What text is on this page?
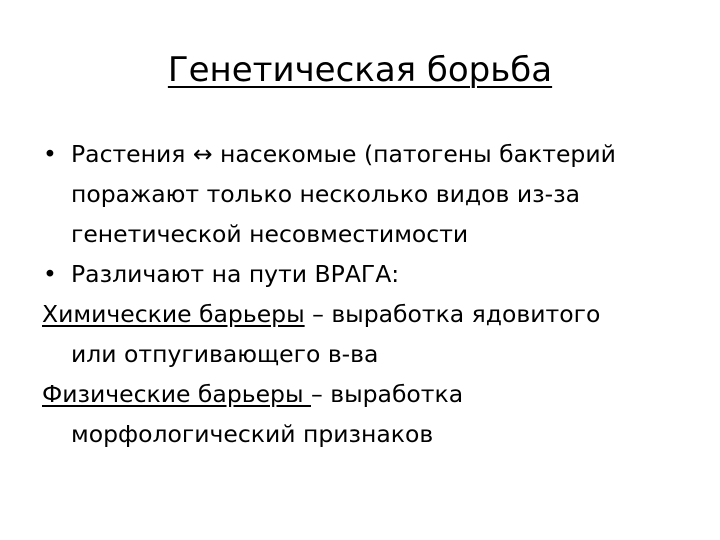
Генетическая борьба
• Растения ↔ насекомые (патогены бактерий
поражают только несколько видов из-за
генетической несовместимости
• Различают на пути ВРАГА:
Химические барьеры – выработка ядовитого
или отпугивающего в-ва
Физические барьеры – выработка
морфологический признаков
